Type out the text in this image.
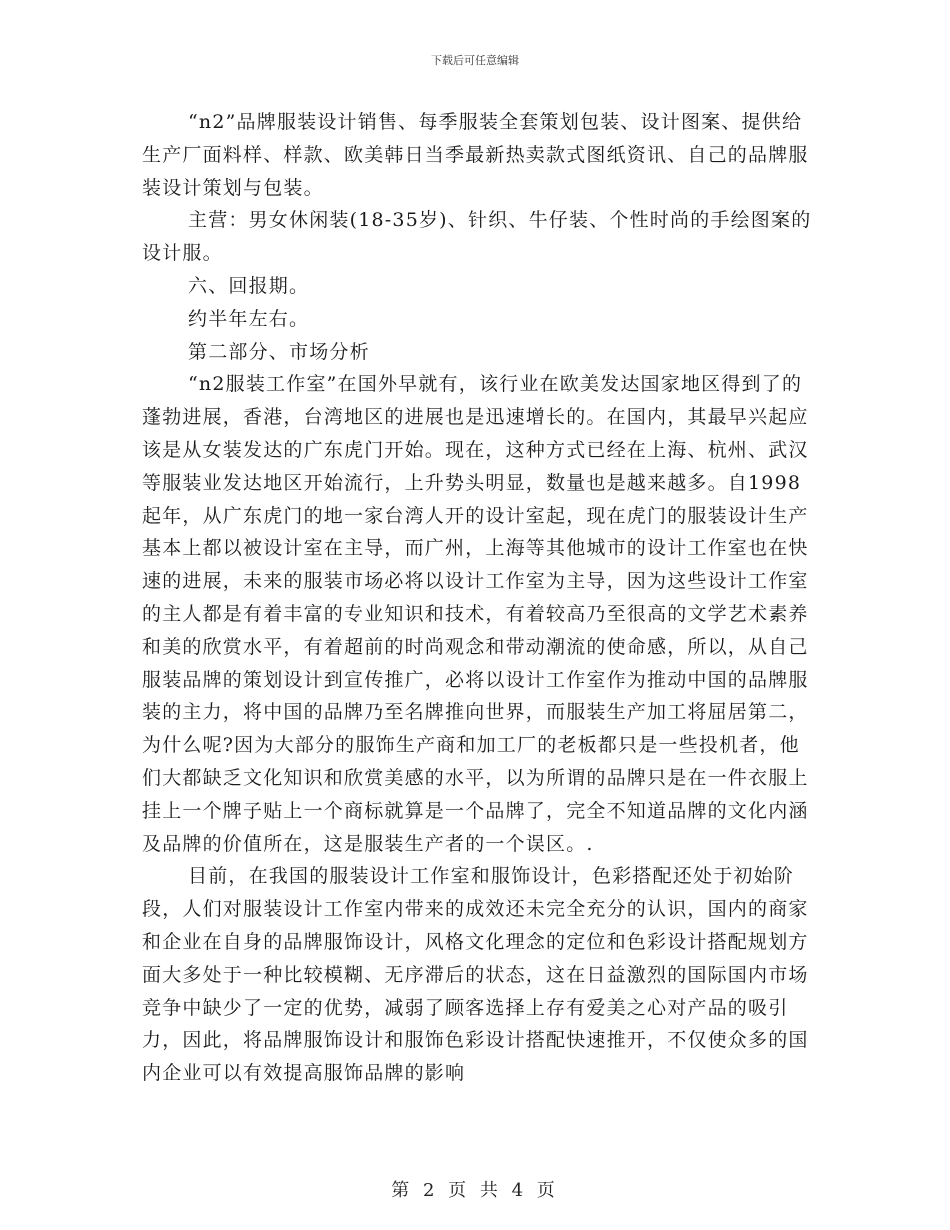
下载后可任意编辑

“n2”品牌服装设计销售、每季服装全套策划包装、设计图案、提供给生产厂面料样、样款、欧美韩日当季最新热卖款式图纸资讯、自己的品牌服装设计策划与包装。

主营：男女休闲装(18-35岁)、针织、牛仔装、个性时尚的手绘图案的设计服。

六、回报期。

约半年左右。

第二部分、市场分析

“n2服装工作室”在国外早就有，该行业在欧美发达国家地区得到了的蓬勃进展，香港，台湾地区的进展也是迅速增长的。在国内，其最早兴起应该是从女装发达的广东虎门开始。现在，这种方式已经在上海、杭州、武汉等服装业发达地区开始流行，上升势头明显，数量也是越来越多。自1998起年，从广东虎门的地一家台湾人开的设计室起，现在虎门的服装设计生产基本上都以被设计室在主导，而广州，上海等其他城市的设计工作室也在快速的进展，未来的服装市场必将以设计工作室为主导，因为这些设计工作室的主人都是有着丰富的专业知识和技术，有着较高乃至很高的文学艺术素养和美的欣赏水平，有着超前的时尚观念和带动潮流的使命感，所以，从自己服装品牌的策划设计到宣传推广，必将以设计工作室作为推动中国的品牌服装的主力，将中国的品牌乃至名牌推向世界，而服装生产加工将屈居第二，为什么呢?因为大部分的服饰生产商和加工厂的老板都只是一些投机者，他们大都缺乏文化知识和欣赏美感的水平，以为所谓的品牌只是在一件衣服上挂上一个牌子贴上一个商标就算是一个品牌了，完全不知道品牌的文化内涵及品牌的价值所在，这是服装生产者的一个误区。.

目前，在我国的服装设计工作室和服饰设计，色彩搭配还处于初始阶段，人们对服装设计工作室内带来的成效还未完全充分的认识，国内的商家和企业在自身的品牌服饰设计，风格文化理念的定位和色彩设计搭配规划方面大多处于一种比较模糊、无序滞后的状态，这在日益激烈的国际国内市场竞争中缺少了一定的优势，减弱了顾客选择上存有爱美之心对产品的吸引力，因此，将品牌服饰设计和服饰色彩设计搭配快速推开，不仅使众多的国内企业可以有效提高服饰品牌的影响

第 2 页 共 4 页
